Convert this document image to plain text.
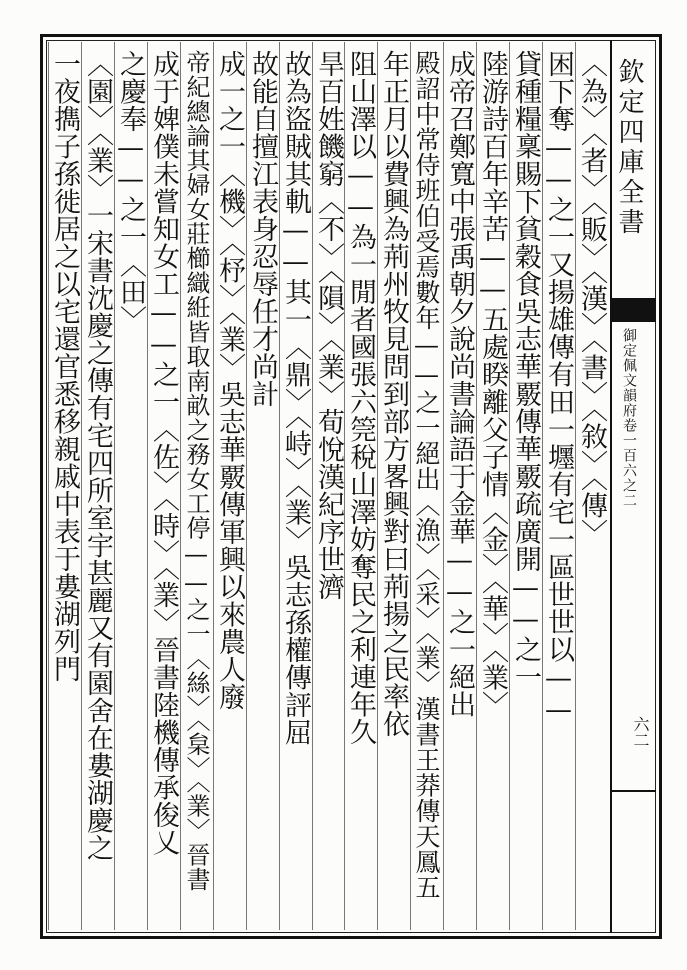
欽定四庫全書
御定佩文韻府卷一百六之二
六二
〈為〉〈者〉〈販〉〈漢〉〈書〉〈敘〉〈傳〉
困下奪——之一又揚雄傳有田一壥有宅一區世世以——
貸種糧稟賜下貧穀食吳志華覈傳華覈疏廣開——之一
陸游詩百年辛苦——五處睽離父子情〈金〉〈華〉〈業〉
成帝召鄭寬中張禹朝夕說尚書論語于金華——之一絕出
殿詔中常侍班伯受焉數年——之一絕出〈漁〉〈采〉〈業〉漢書王莽傳天鳳五
年正月以費興為荊州牧見問到部方畧興對曰荊揚之民率依
阻山澤以——為一閒者國張六筦稅山澤妨奪民之利連年久
旱百姓饑窮〈不〉〈隕〉〈業〉荀悅漢紀序世濟
故為盜賊其軌——其一〈鼎〉〈峙〉〈業〉吳志孫權傳評屈
故能自擅江表身忍辱任才尚計
成一之一〈機〉〈杼〉〈業〉吳志華覈傳軍興以來農人廢
帝紀總論其婦女莊櫛織絍皆取南畝之務女工停——之一〈絲〉〈枲〉〈業〉晉書
成于婢僕未嘗知女工——之一〈佐〉〈時〉〈業〉晉書陸機傳承俊乂
之慶奉——之一〈田〉
〈園〉〈業〉一宋書沈慶之傳有宅四所室宇甚麗又有園舍在婁湖慶之
一夜擕子孫徙居之以宅還官悉移親戚中表于婁湖列門
